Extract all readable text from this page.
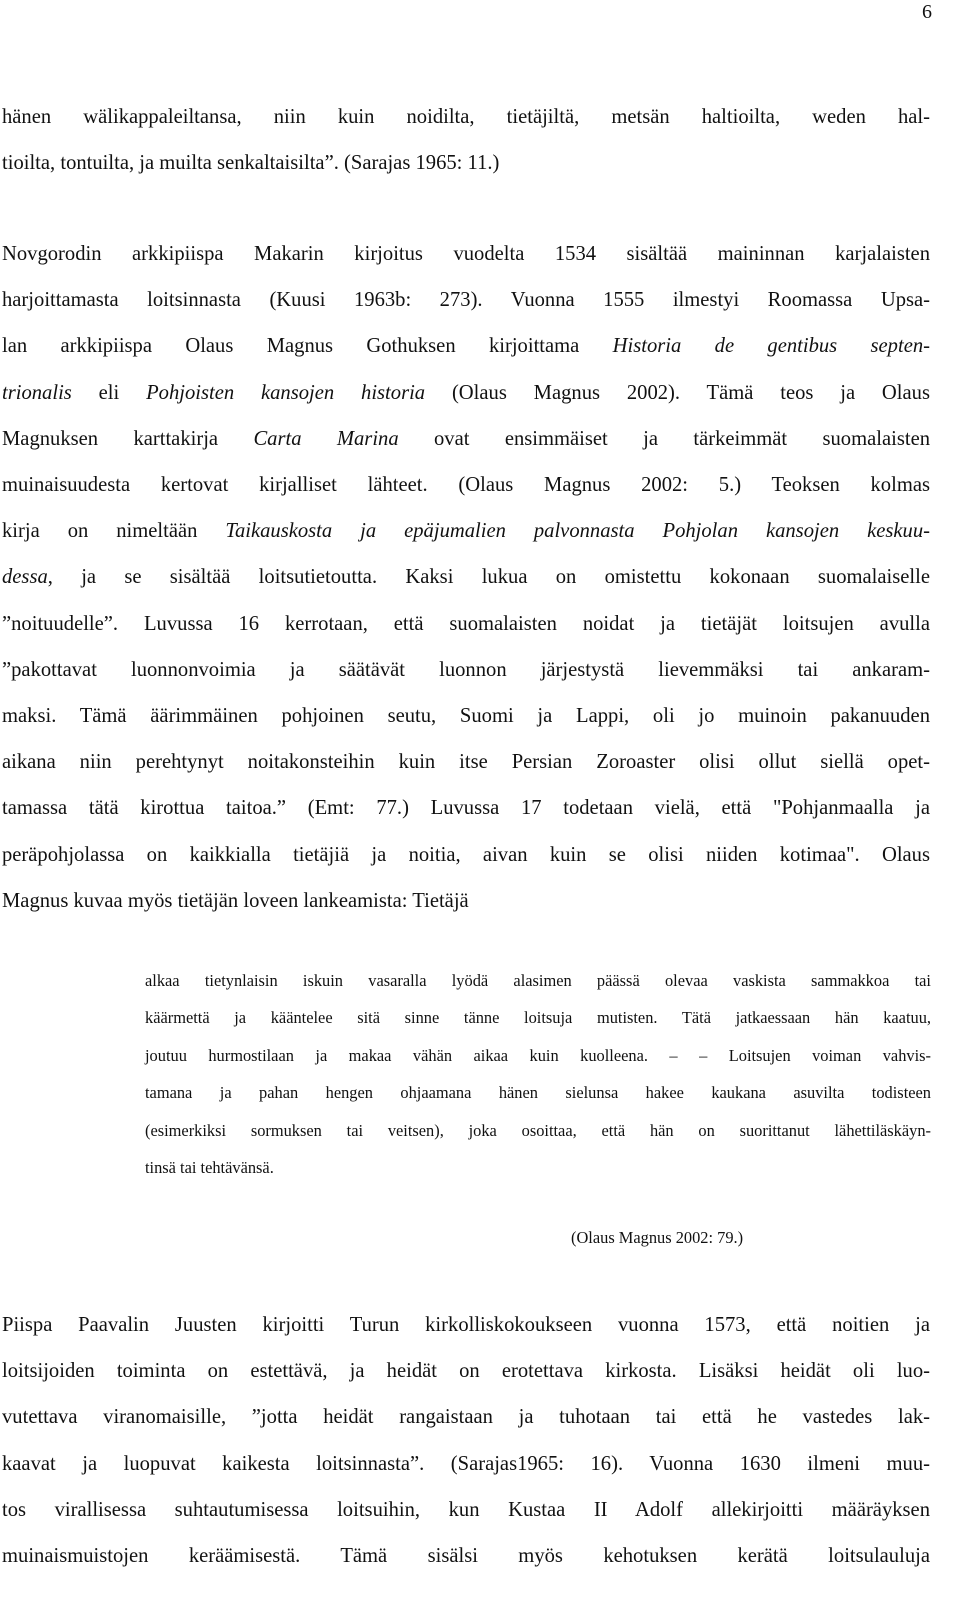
6
hänen wälikappaleiltansa, niin kuin noidilta, tietäjiltä, metsän haltioilta, weden hal-
tioilta, tontuilta, ja muilta senkaltaisilta”. (Sarajas 1965: 11.)
Novgorodin arkkipiispa Makarin kirjoitus vuodelta 1534 sisältää maininnan karjalaisten
harjoittamasta loitsinnasta (Kuusi 1963b: 273). Vuonna 1555 ilmestyi Roomassa Upsa-
lan arkkipiispa Olaus Magnus Gothuksen kirjoittama Historia de gentibus septen-
trionalis eli Pohjoisten kansojen historia (Olaus Magnus 2002). Tämä teos ja Olaus
Magnuksen karttakirja Carta Marina ovat ensimmäiset ja tärkeimmät suomalaisten
muinaisuudesta kertovat kirjalliset lähteet. (Olaus Magnus 2002: 5.) Teoksen kolmas
kirja on nimeltään Taikauskosta ja epäjumalien palvonnasta Pohjolan kansojen keskuu-
dessa, ja se sisältää loitsutietoutta. Kaksi lukua on omistettu kokonaan suomalaiselle
”noituudelle”. Luvussa 16 kerrotaan, että suomalaisten noidat ja tietäjät loitsujen avulla
”pakottavat luonnonvoimia ja säätävät luonnon järjestystä lievemmäksi tai ankaram-
maksi. Tämä äärimmäinen pohjoinen seutu, Suomi ja Lappi, oli jo muinoin pakanuuden
aikana niin perehtynyt noitakonsteihin kuin itse Persian Zoroaster olisi ollut siellä opet-
tamassa tätä kirottua taitoa.” (Emt: 77.) Luvussa 17 todetaan vielä, että "Pohjanmaalla ja
peräpohjolassa on kaikkialla tietäjiä ja noitia, aivan kuin se olisi niiden kotimaa". Olaus
Magnus kuvaa myös tietäjän loveen lankeamista: Tietäjä
alkaa tietynlaisin iskuin vasaralla lyödä alasimen päässä olevaa vaskista sammakkoa tai
käärmettä ja kääntelee sitä sinne tänne loitsuja mutisten. Tätä jatkaessaan hän kaatuu,
joutuu hurmostilaan ja makaa vähän aikaa kuin kuolleena. – – Loitsujen voiman vahvis-
tamana ja pahan hengen ohjaamana hänen sielunsa hakee kaukana asuvilta todisteen
(esimerkiksi sormuksen tai veitsen), joka osoittaa, että hän on suorittanut lähettiläskäyn-
tinsä tai tehtävänsä.
(Olaus Magnus 2002: 79.)
Piispa Paavalin Juusten kirjoitti Turun kirkolliskokoukseen vuonna 1573, että noitien ja
loitsijoiden toiminta on estettävä, ja heidät on erotettava kirkosta. Lisäksi heidät oli luo-
vutettava viranomaisille, ”jotta heidät rangaistaan ja tuhotaan tai että he vastedes lak-
kaavat ja luopuvat kaikesta loitsinnasta”. (Sarajas1965: 16). Vuonna 1630 ilmeni muu-
tos virallisessa suhtautumisessa loitsuihin, kun Kustaa II Adolf allekirjoitti määräyksen
muinaismuistojen keräämisestä. Tämä sisälsi myös kehotuksen kerätä loitsulauluja
